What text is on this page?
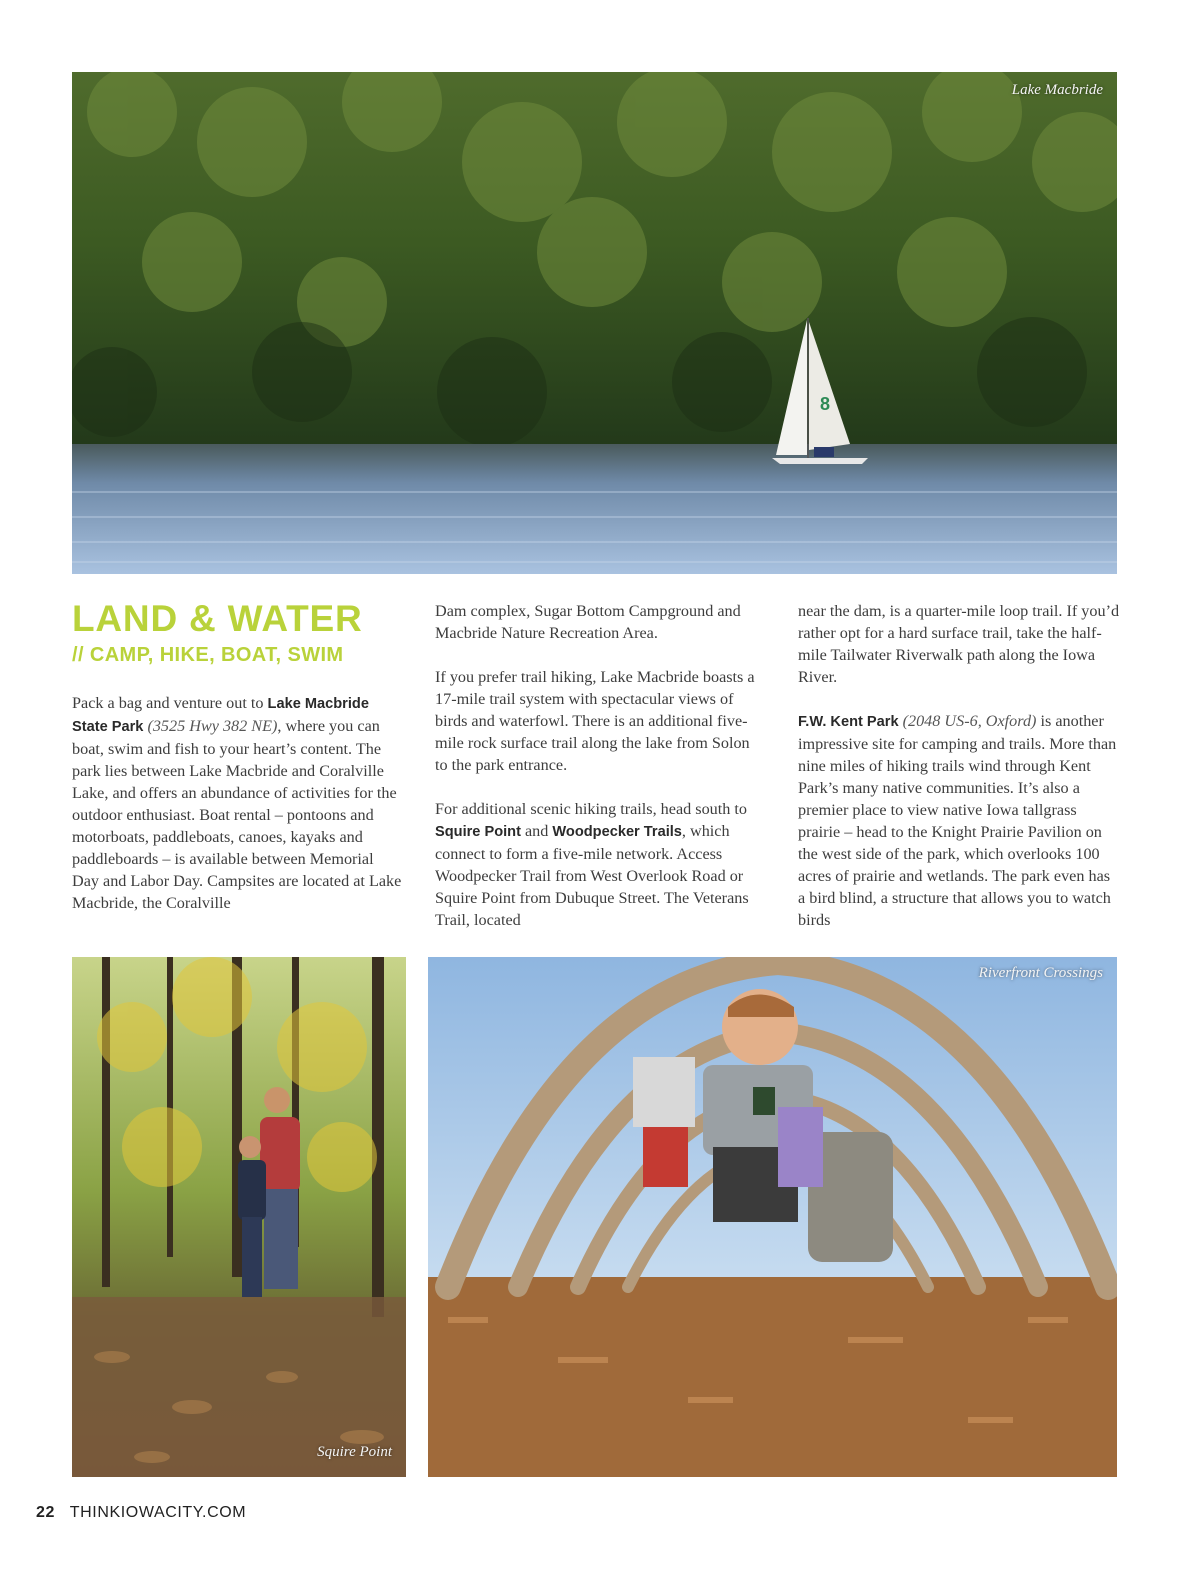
8
Lake Macbride
LAND & WATER
// CAMP, HIKE, BOAT, SWIM

Pack a bag and venture out to Lake Macbride State Park (3525 Hwy 382 NE), where you can boat, swim and fish to your heart’s content. The park lies between Lake Macbride and Coralville Lake, and offers an abundance of activities for the outdoor enthusiast. Boat rental – pontoons and motorboats, paddleboats, canoes, kayaks and paddleboards – is available between Memorial Day and Labor Day. Campsites are located at Lake Macbride, the Coralville

Dam complex, Sugar Bottom Campground and Macbride Nature Recreation Area.

If you prefer trail hiking, Lake Macbride boasts a 17-mile trail system with spectacular views of birds and waterfowl. There is an additional five-mile rock surface trail along the lake from Solon to the park entrance.

For additional scenic hiking trails, head south to Squire Point and Woodpecker Trails, which connect to form a five-mile network. Access Woodpecker Trail from West Overlook Road or Squire Point from Dubuque Street. The Veterans Trail, located

near the dam, is a quarter-mile loop trail. If you’d rather opt for a hard surface trail, take the half-mile Tailwater Riverwalk path along the Iowa River.

F.W. Kent Park (2048 US-6, Oxford) is another impressive site for camping and trails. More than nine miles of hiking trails wind through Kent Park’s many native communities. It’s also a premier place to view native Iowa tallgrass prairie – head to the Knight Prairie Pavilion on the west side of the park, which overlooks 100 acres of prairie and wetlands. The park even has a bird blind, a structure that allows you to watch birds

Squire Point
Riverfront Crossings
22 THINKIOWACITY.COM
